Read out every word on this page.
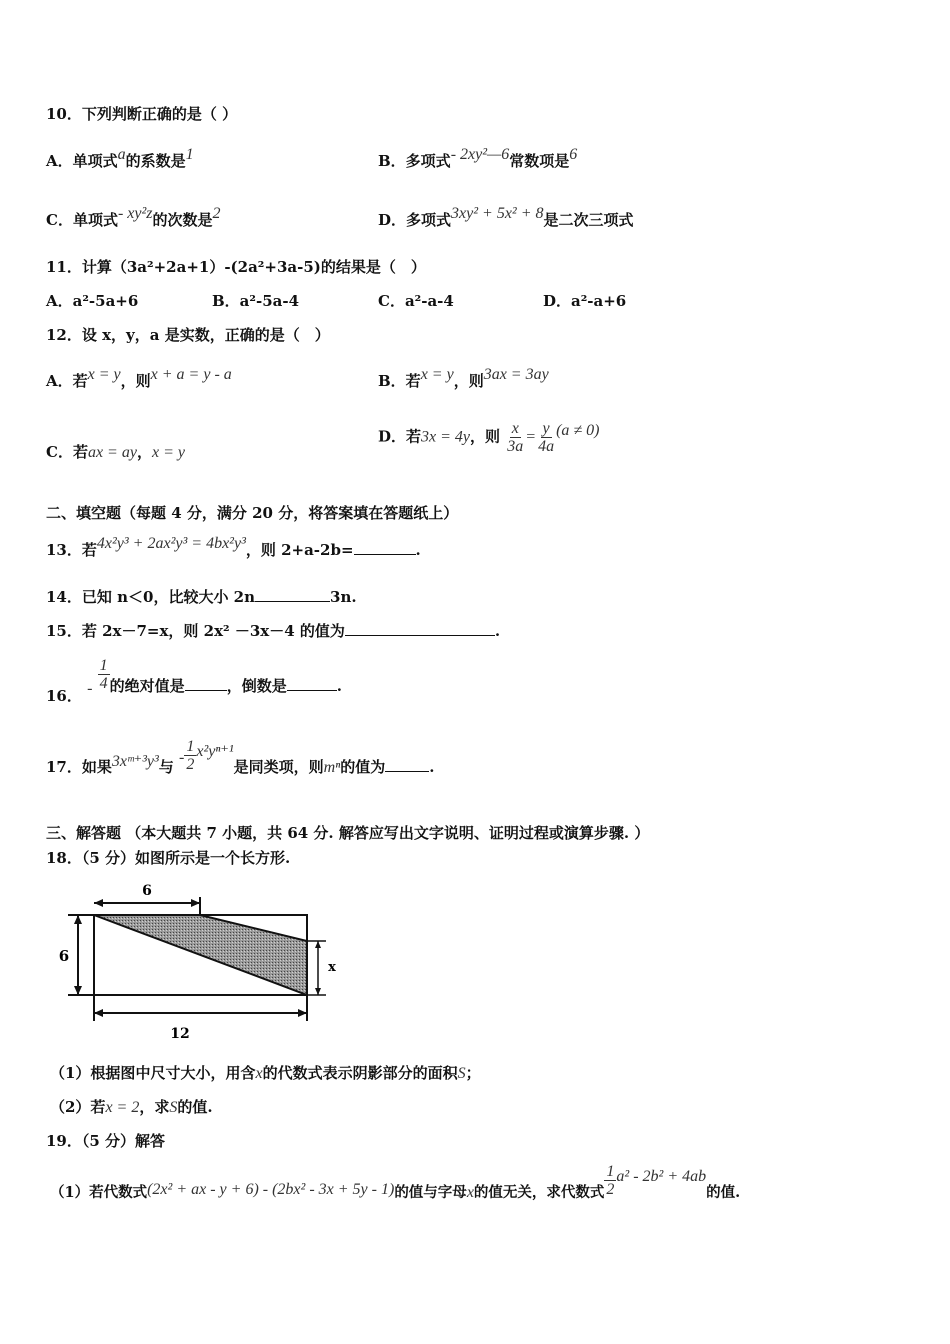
10．下列判断正确的是（ ）
A．单项式a的系数是1	B．多项式- 2xy²—6常数项是6
C．单项式- xy²z的次数是2	D．多项式3xy² + 5x² + 8是二次三项式
11．计算（3a²+2a+1）-(2a²+3a-5)的结果是（　）
A．a²-5a+6	B．a²-5a-4	C．a²-a-4	D．a²-a+6
12．设 x，y，a 是实数，正确的是（　）
A．若x = y，则x + a = y - a	B．若x = y，则3ax = 3ay
C．若ax = ay，x = y
D．若3x = 4y，则 $\frac{x}{3a} = \frac{y}{4a} (a \ne 0)$
二、填空题（每题 4 分，满分 20 分，将答案填在答题纸上）
13．若4x²y³ + 2ax²y³ = 4bx²y³，则 2+a-2b=	.
14．已知 n＜0，比较大小 2n	3n.
15．若 2x－7=x，则 2x² －3x－4 的值为	.
16． - $\frac{1}{4}$ 的绝对值是	，倒数是	.
17．如果3xᵐ⁺³y³与 - $\frac{1}{2} x^2y^{n+1}$是同类项，则mⁿ的值为	.
三、解答题 （本大题共 7 小题，共 64 分. 解答应写出文字说明、证明过程或演算步骤. ）
18．（5 分）如图所示是一个长方形.
6
6
x
12
（1）根据图中尺寸大小，用含x的代数式表示阴影部分的面积S；
（2）若x = 2，求S的值.
19．（5 分）解答
（1）若代数式(2x² + ax - y + 6) - (2bx² - 3x + 5y - 1)的值与字母x的值无关，求代数式 $\frac{1}{2} a^2 - 2b^2 + 4ab$的值.
